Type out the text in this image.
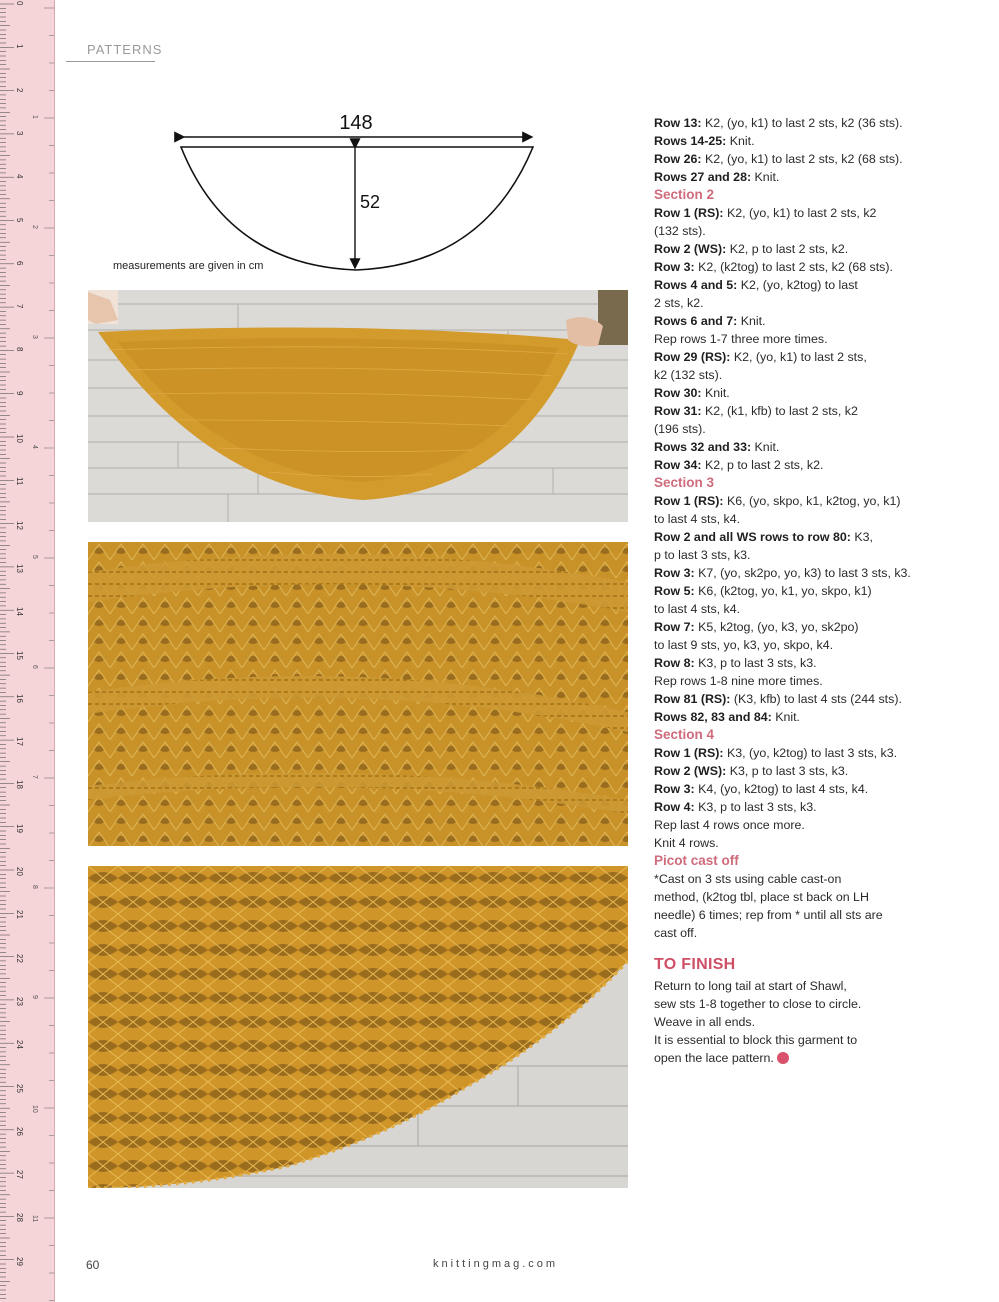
0
1
2
3
4
5
6
7
8
9
10
11
12
13
14
15
16
17
18
19
20
21
22
23
24
25
26
27
28
29
1
2
3
4
5
6
7
8
9
10
11
PATTERNS
148
52
measurements are given in cm
Row 13: K2, (yo, k1) to last 2 sts, k2 (36 sts).
Rows 14-25: Knit.
Row 26: K2, (yo, k1) to last 2 sts, k2 (68 sts).
Rows 27 and 28: Knit.
Section 2
Row 1 (RS): K2, (yo, k1) to last 2 sts, k2
(132 sts).
Row 2 (WS): K2, p to last 2 sts, k2.
Row 3: K2, (k2tog) to last 2 sts, k2 (68 sts).
Rows 4 and 5: K2, (yo, k2tog) to last
2 sts, k2.
Rows 6 and 7: Knit.
Rep rows 1-7 three more times.
Row 29 (RS): K2, (yo, k1) to last 2 sts,
k2 (132 sts).
Row 30: Knit.
Row 31: K2, (k1, kfb) to last 2 sts, k2
(196 sts).
Rows 32 and 33: Knit.
Row 34: K2, p to last 2 sts, k2.
Section 3
Row 1 (RS): K6, (yo, skpo, k1, k2tog, yo, k1)
to last 4 sts, k4.
Row 2 and all WS rows to row 80: K3,
p to last 3 sts, k3.
Row 3: K7, (yo, sk2po, yo, k3) to last 3 sts, k3.
Row 5: K6, (k2tog, yo, k1, yo, skpo, k1)
to last 4 sts, k4.
Row 7: K5, k2tog, (yo, k3, yo, sk2po)
to last 9 sts, yo, k3, yo, skpo, k4.
Row 8: K3, p to last 3 sts, k3.
Rep rows 1-8 nine more times.
Row 81 (RS): (K3, kfb) to last 4 sts (244 sts).
Rows 82, 83 and 84: Knit.
Section 4
Row 1 (RS): K3, (yo, k2tog) to last 3 sts, k3.
Row 2 (WS): K3, p to last 3 sts, k3.
Row 3: K4, (yo, k2tog) to last 4 sts, k4.
Row 4: K3, p to last 3 sts, k3.
Rep last 4 rows once more.
Knit 4 rows.
Picot cast off
*Cast on 3 sts using cable cast-on
method, (k2tog tbl, place st back on LH
needle) 6 times; rep from * until all sts are
cast off.
TO FINISH
Return to long tail at start of Shawl,
sew sts 1-8 together to close to circle.
Weave in all ends.
It is essential to block this garment to
open the lace pattern.
60	knittingmag.com
